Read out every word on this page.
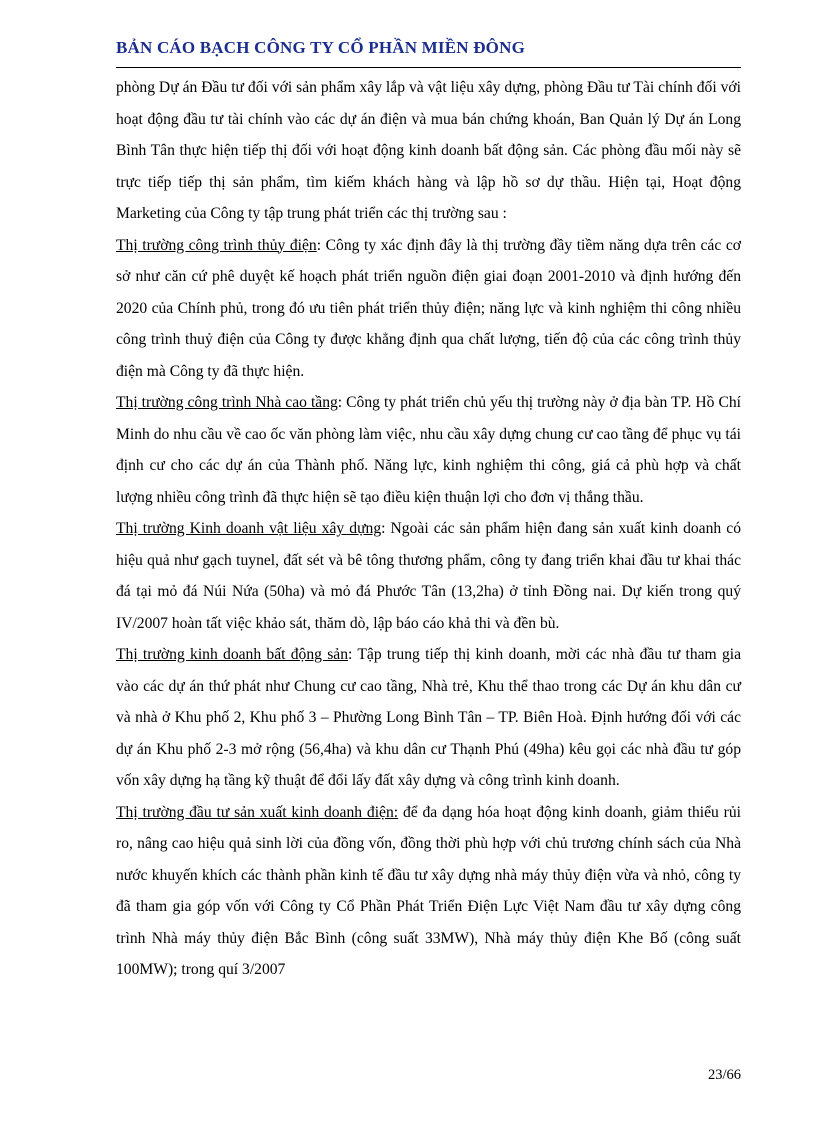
BẢN CÁO BẠCH CÔNG TY CỔ PHẦN MIỀN ĐÔNG

phòng Dự án Đầu tư đối với sản phẩm xây lắp và vật liệu xây dựng, phòng Đầu tư Tài chính đối với hoạt động đầu tư tài chính vào các dự án điện và mua bán chứng khoán, Ban Quản lý Dự án Long Bình Tân thực hiện tiếp thị đối với hoạt động kinh doanh bất động sản. Các phòng đầu mối này sẽ trực tiếp tiếp thị sản phẩm, tìm kiếm khách hàng và lập hồ sơ dự thầu. Hiện tại, Hoạt động Marketing của Công ty tập trung phát triển các thị trường sau :

Thị trường công trình thủy điện: Công ty xác định đây là thị trường đầy tiềm năng dựa trên các cơ sở như căn cứ phê duyệt kế hoạch phát triển nguồn điện giai đoạn 2001-2010 và định hướng đến 2020 của Chính phủ, trong đó ưu tiên phát triển thủy điện; năng lực và kinh nghiệm thi công nhiều công trình thuỷ điện của Công ty được khẳng định qua chất lượng, tiến độ của các công trình thủy điện mà Công ty đã thực hiện.

Thị trường công trình Nhà cao tầng: Công ty phát triển chủ yếu thị trường này ở địa bàn TP. Hồ Chí Minh do nhu cầu về cao ốc văn phòng làm việc, nhu cầu xây dựng chung cư cao tầng để phục vụ tái định cư cho các dự án của Thành phố. Năng lực, kinh nghiệm thi công, giá cả phù hợp và chất lượng nhiều công trình đã thực hiện sẽ tạo điều kiện thuận lợi cho đơn vị thắng thầu.

Thị trường Kinh doanh vật liệu xây dựng: Ngoài các sản phẩm hiện đang sản xuất kinh doanh có hiệu quả như gạch tuynel, đất sét và bê tông thương phẩm, công ty đang triển khai đầu tư khai thác đá tại mỏ đá Núi Nứa (50ha) và mỏ đá Phước Tân (13,2ha) ở tỉnh Đồng nai. Dự kiến trong quý IV/2007 hoàn tất việc khảo sát, thăm dò, lập báo cáo khả thi và đền bù.

Thị trường kinh doanh bất động sản: Tập trung tiếp thị kinh doanh, mời các nhà đầu tư tham gia vào các dự án thứ phát như Chung cư cao tầng, Nhà trẻ, Khu thể thao trong các Dự án khu dân cư và nhà ở Khu phố 2, Khu phố 3 – Phường Long Bình Tân – TP. Biên Hoà. Định hướng đối với các dự án Khu phố 2-3 mở rộng (56,4ha) và khu dân cư Thạnh Phú (49ha) kêu gọi các nhà đầu tư góp vốn xây dựng hạ tầng kỹ thuật để đổi lấy đất xây dựng và công trình kinh doanh.

Thị trường đầu tư sản xuất kinh doanh điện: để đa dạng hóa hoạt động kinh doanh, giảm thiểu rủi ro, nâng cao hiệu quả sinh lời của đồng vốn, đồng thời phù hợp với chủ trương chính sách của Nhà nước khuyến khích các thành phần kinh tế đầu tư xây dựng nhà máy thủy điện vừa và nhỏ, công ty đã tham gia góp vốn với Công ty Cổ Phần Phát Triển Điện Lực Việt Nam đầu tư xây dựng công trình Nhà máy thủy điện Bắc Bình (công suất 33MW), Nhà máy thủy điện Khe Bố (công suất 100MW); trong quí 3/2007

23/66
